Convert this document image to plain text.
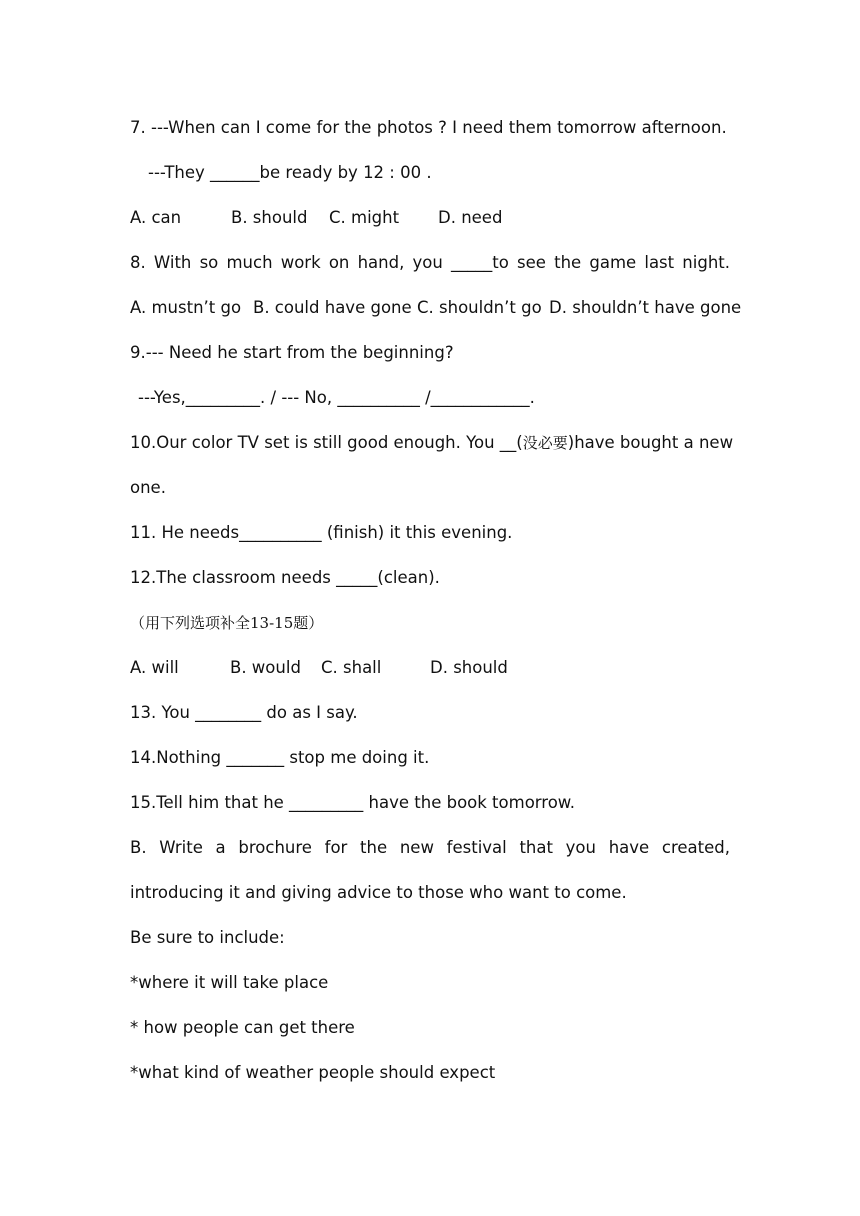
7. ---When can I come for the photos ? I need them tomorrow afternoon.
---They ______be ready by 12 : 00 .

A. can

	B. should

C. might

D. need

8. With so much work on hand, you _____to see the game last night.

A. mustn’t go

B. could have gone

C. shouldn’t go

D. shouldn’t have gone

9.--- Need he start from the beginning?
---Yes,_________. / --- No, __________ /____________.
10.Our color TV set is still good enough. You __(没必要)have bought a new
one.
11. He needs__________ (finish) it this evening.
12.The classroom needs _____(clean).
（用下列选项补全13-15题）

A. will

	B. would

C. shall

	D. should

13. You ________ do as I say.
14.Nothing _______ stop me doing it.
15.Tell him that he _________ have the book tomorrow.
B. Write a brochure for the new festival that you have created,
introducing it and giving advice to those who want to come.
Be sure to include:
*where it will take place
* how people can get there
*what kind of weather people should expect
